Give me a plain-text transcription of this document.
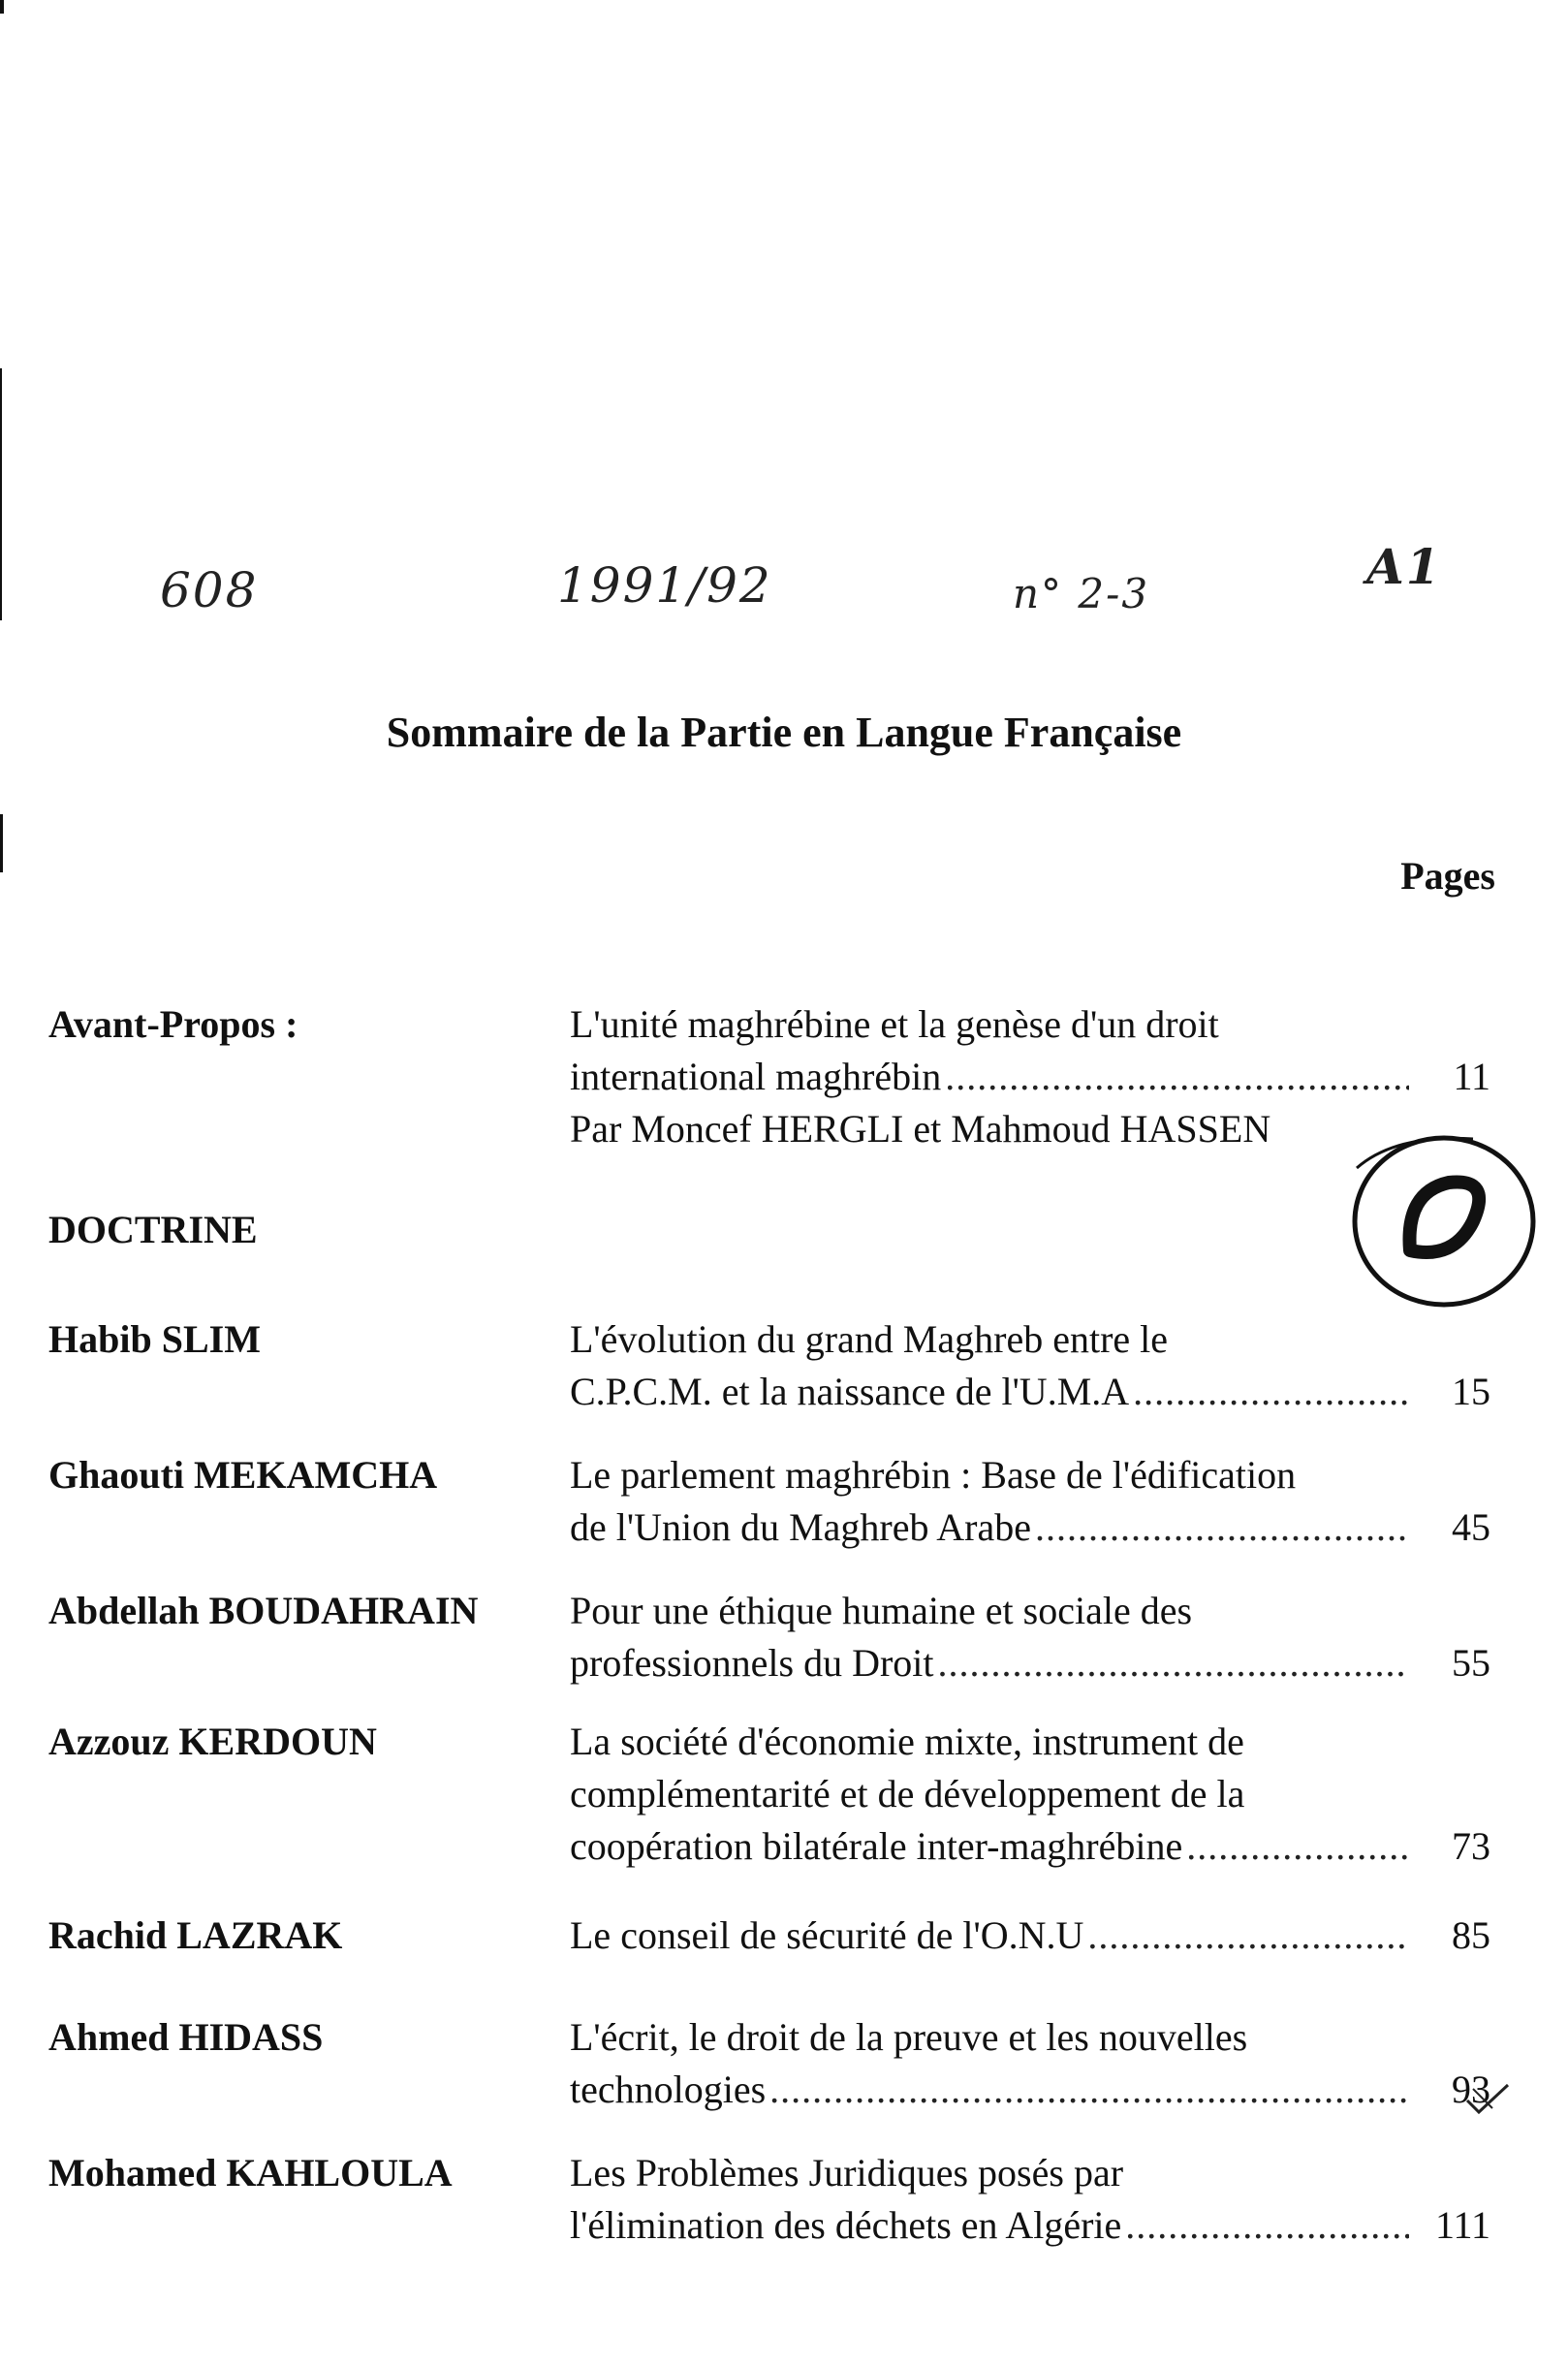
608	1991/92	n° 2-3	A1
Sommaire de la Partie en Langue Française
Pages
Avant-Propos :	L'unité maghrébine et la genèse d'un droit
international maghrébin .....	11
Par Moncef HERGLI et Mahmoud HASSEN
DOCTRINE
Habib SLIM	L'évolution du grand Maghreb entre le
C.P.C.M. et la naissance de l'U.M.A .....	15
Ghaouti MEKAMCHA	Le parlement maghrébin : Base de l'édification
de l'Union du Maghreb Arabe .....	45
Abdellah BOUDAHRAIN	Pour une éthique humaine et sociale des
professionnels du Droit .....	55
Azzouz KERDOUN	La société d'économie mixte, instrument de
complémentarité et de développement de la
coopération bilatérale inter-maghrébine .....	73
Rachid LAZRAK	Le conseil de sécurité de l'O.N.U .....	85
Ahmed HIDASS	L'écrit, le droit de la preuve et les nouvelles
technologies .....	93
Mohamed KAHLOULA	Les Problèmes Juridiques posés par
l'élimination des déchets en Algérie .....	111
